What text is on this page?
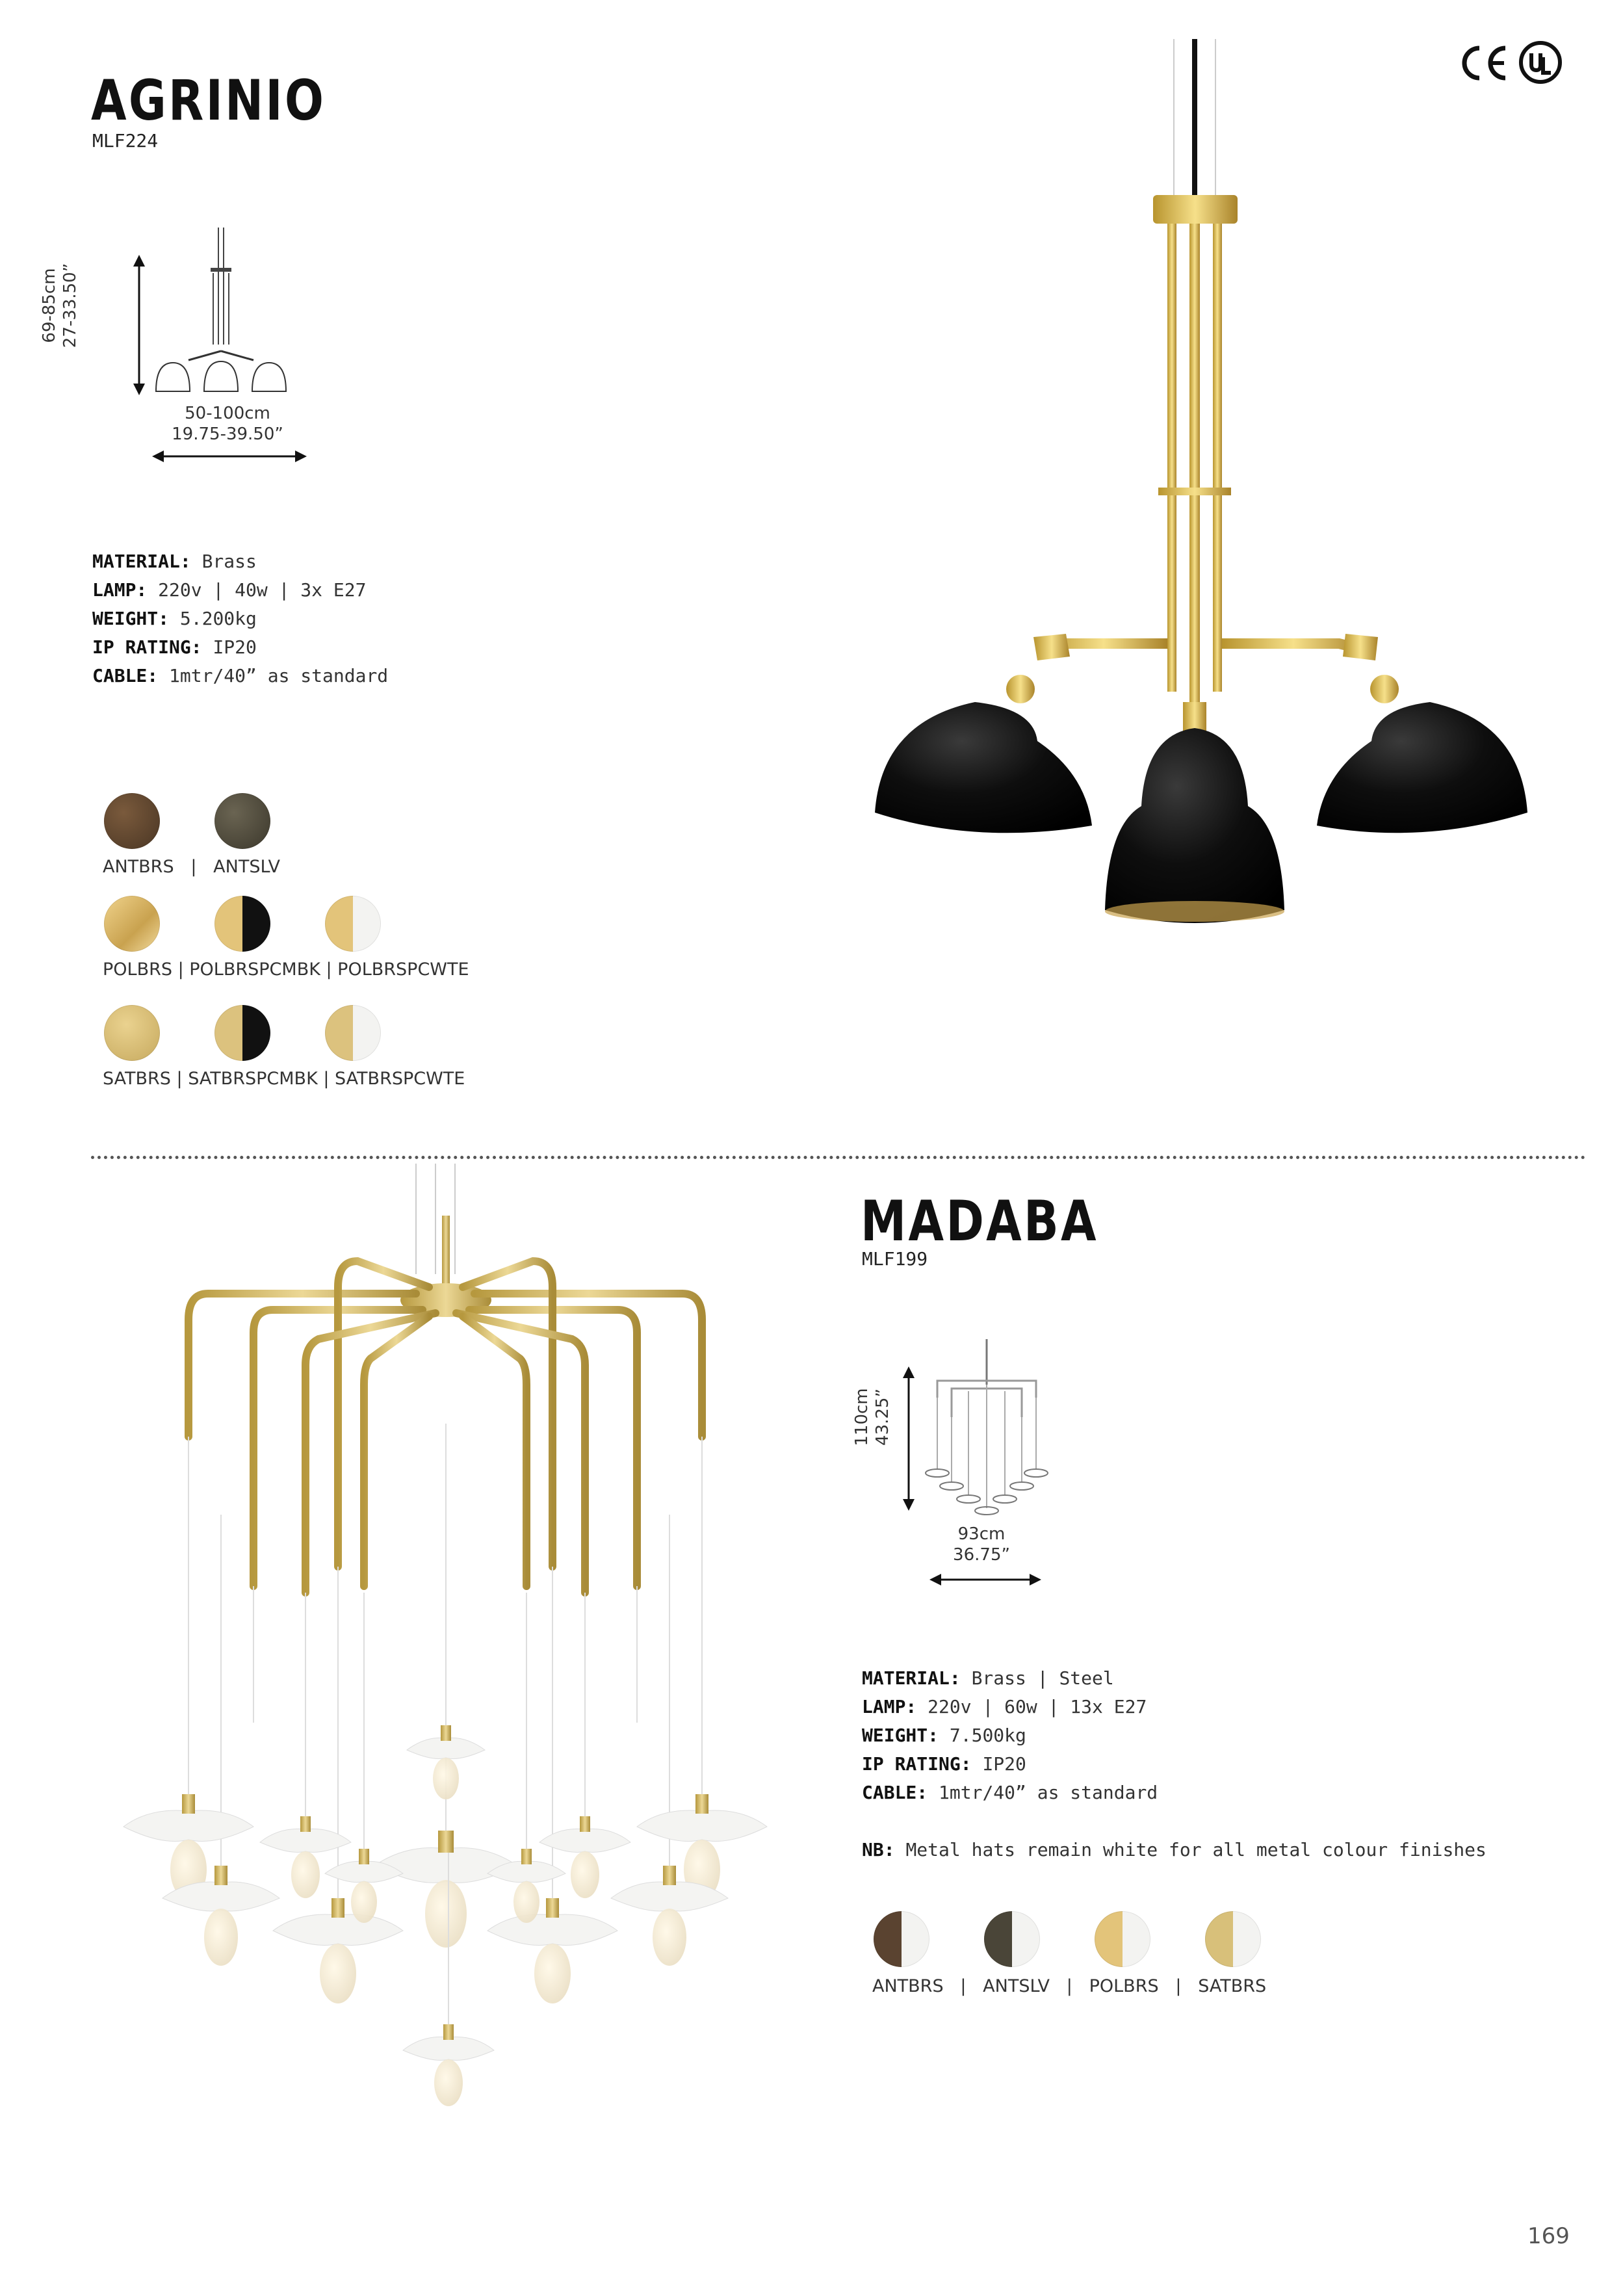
AGRINIO
MLF224
69-85cm 27-33.50”
50-100cm
19.75-39.50”
MATERIAL: Brass
LAMP: 220v | 40w | 3x E27
WEIGHT: 5.200kg
IP RATING: IP20
CABLE: 1mtr/40” as standard
ANTBRS   |   ANTSLV
POLBRS | POLBRSPCMBK | POLBRSPCWTE
SATBRS | SATBRSPCMBK | SATBRSPCWTE
MADABA
MLF199
110cm 43.25”
93cm
36.75”
MATERIAL: Brass | Steel
LAMP: 220v | 60w | 13x E27
WEIGHT: 7.500kg
IP RATING: IP20
CABLE: 1mtr/40” as standard
NB: Metal hats remain white for all metal colour finishes
ANTBRS   |   ANTSLV   |   POLBRS   |   SATBRS
169
